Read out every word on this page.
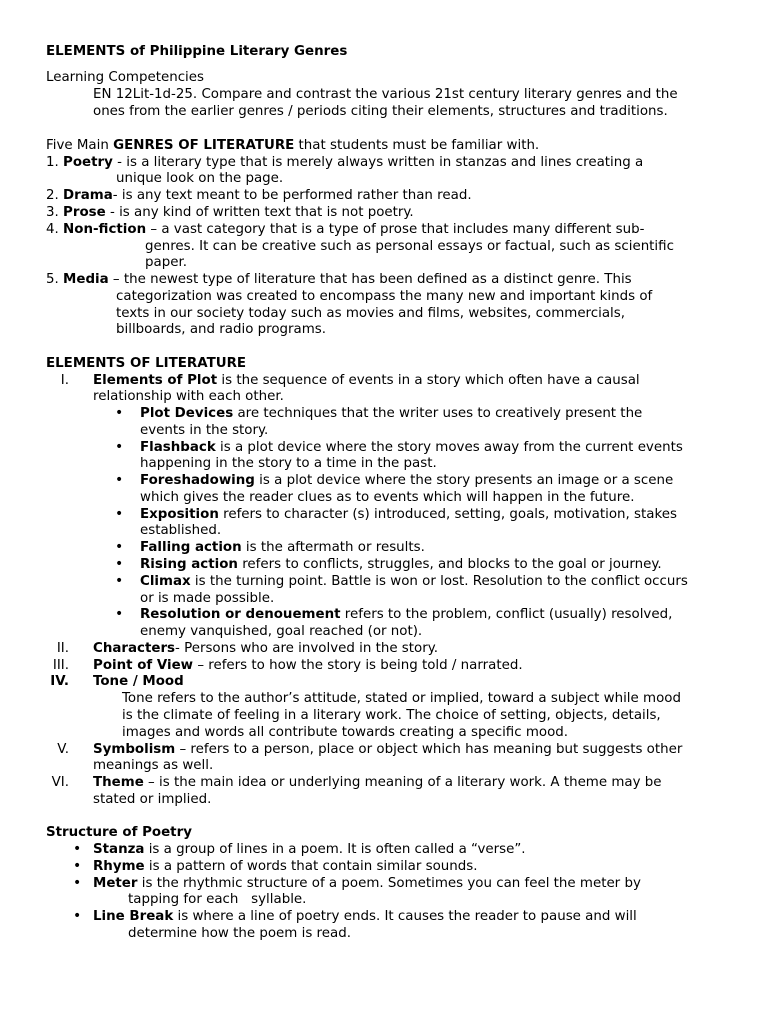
ELEMENTS of Philippine Literary Genres
Learning Competencies
EN 12Lit-1d-25. Compare and contrast the various 21st century literary genres and the
ones from the earlier genres / periods citing their elements, structures and traditions.
Five Main GENRES OF LITERATURE that students must be familiar with.
1. Poetry - is a literary type that is merely always written in stanzas and lines creating a
unique look on the page.
2. Drama- is any text meant to be performed rather than read.
3. Prose - is any kind of written text that is not poetry.
4. Non-fiction – a vast category that is a type of prose that includes many different sub-
genres. It can be creative such as personal essays or factual, such as scientific
paper.
5. Media – the newest type of literature that has been defined as a distinct genre. This
categorization was created to encompass the many new and important kinds of
texts in our society today such as movies and films, websites, commercials,
billboards, and radio programs.
ELEMENTS OF LITERATURE
I. Elements of Plot is the sequence of events in a story which often have a causal
relationship with each other.
• Plot Devices are techniques that the writer uses to creatively present the
events in the story.
• Flashback is a plot device where the story moves away from the current events
happening in the story to a time in the past.
• Foreshadowing is a plot device where the story presents an image or a scene
which gives the reader clues as to events which will happen in the future.
• Exposition refers to character (s) introduced, setting, goals, motivation, stakes
established.
• Falling action is the aftermath or results.
• Rising action refers to conflicts, struggles, and blocks to the goal or journey.
• Climax is the turning point. Battle is won or lost. Resolution to the conflict occurs
or is made possible.
• Resolution or denouement refers to the problem, conflict (usually) resolved,
enemy vanquished, goal reached (or not).
II. Characters- Persons who are involved in the story.
III. Point of View – refers to how the story is being told / narrated.
IV. Tone / Mood
Tone refers to the author’s attitude, stated or implied, toward a subject while mood
is the climate of feeling in a literary work. The choice of setting, objects, details,
images and words all contribute towards creating a specific mood.
V. Symbolism – refers to a person, place or object which has meaning but suggests other
meanings as well.
VI. Theme – is the main idea or underlying meaning of a literary work. A theme may be
stated or implied.
Structure of Poetry
• Stanza is a group of lines in a poem. It is often called a “verse”.
• Rhyme is a pattern of words that contain similar sounds.
• Meter is the rhythmic structure of a poem. Sometimes you can feel the meter by
tapping for each   syllable.
• Line Break is where a line of poetry ends. It causes the reader to pause and will
determine how the poem is read.
